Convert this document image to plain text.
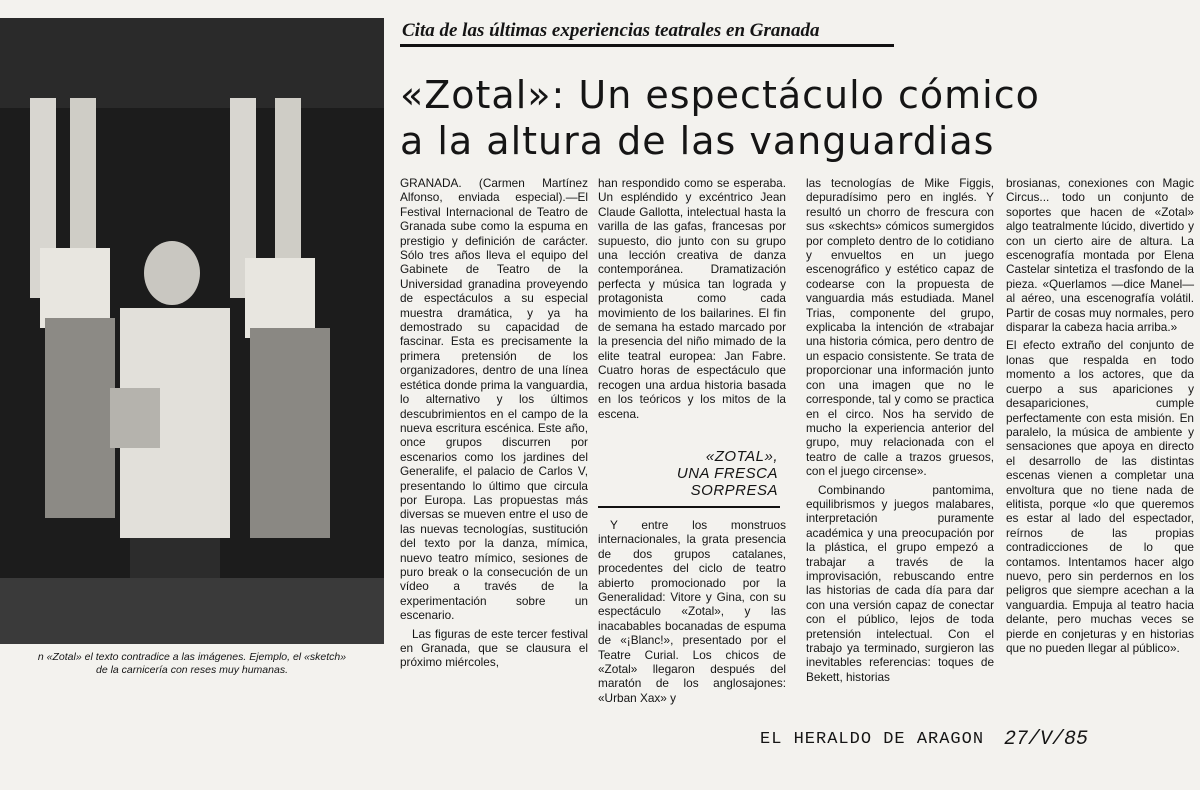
n «Zotal» el texto contradice a las imágenes. Ejemplo, el «sketch»
de la carnicería con reses muy humanas.
Cita de las últimas experiencias teatrales en Granada
«Zotal»: Un espectáculo cómico
a la altura de las vanguardias

GRANADA. (Carmen Martínez Alfonso, enviada especial).—El Festival Internacional de Teatro de Granada sube como la espuma en prestigio y definición de carácter. Sólo tres años lleva el equipo del Gabinete de Teatro de la Universidad granadina proveyendo de espectáculos a su especial muestra dramática, y ya ha demostrado su capacidad de fascinar. Esta es precisamente la primera pretensión de los organizadores, dentro de una línea estética donde prima la vanguardia, lo alternativo y los últimos descubrimientos en el campo de la nueva escritura escénica. Este año, once grupos discurren por escenarios como los jardines del Generalife, el palacio de Carlos V, presentando lo último que circula por Europa. Las propuestas más diversas se mueven entre el uso de las nuevas tecnologías, sustitución del texto por la danza, mímica, nuevo teatro mímico, sesiones de puro break o la consecución de un vídeo a través de la experimentación sobre un escenario.

Las figuras de este tercer festival en Granada, que se clausura el próximo miércoles,

han respondido como se esperaba. Un espléndido y excéntrico Jean Claude Gallotta, intelectual hasta la varilla de las gafas, francesas por supuesto, dio junto con su grupo una lección creativa de danza contemporánea. Dramatización perfecta y música tan lograda y protagonista como cada movimiento de los bailarines. El fin de semana ha estado marcado por la presencia del niño mimado de la elite teatral europea: Jan Fabre. Cuatro horas de espectáculo que recogen una ardua historia basada en los teóricos y los mitos de la escena.

«ZOTAL»,
UNA FRESCA
SORPRESA

Y entre los monstruos internacionales, la grata presencia de dos grupos catalanes, procedentes del ciclo de teatro abierto promocionado por la Generalidad: Vitore y Gina, con su espectáculo «Zotal», y las inacabables bocanadas de espuma de «¡Blanc!», presentado por el Teatre Curial. Los chicos de «Zotal» llegaron después del maratón de los anglosajones: «Urban Xax» y

las tecnologías de Mike Figgis, depuradísimo pero en inglés. Y resultó un chorro de frescura con sus «skechts» cómicos sumergidos por completo dentro de lo cotidiano y envueltos en un juego escenográfico y estético capaz de codearse con la propuesta de vanguardia más estudiada. Manel Trias, componente del grupo, explicaba la intención de «trabajar una historia cómica, pero dentro de un espacio consistente. Se trata de proporcionar una información junto con una imagen que no le corresponde, tal y como se practica en el circo. Nos ha servido de mucho la experiencia anterior del grupo, muy relacionada con el teatro de calle a trazos gruesos, con el juego circense».

Combinando pantomima, equilibrismos y juegos malabares, interpretación puramente académica y una preocupación por la plástica, el grupo empezó a trabajar a través de la improvisación, rebuscando entre las historias de cada día para dar con una versión capaz de conectar con el público, lejos de toda pretensión intelectual. Con el trabajo ya terminado, surgieron las inevitables referencias: toques de Bekett, historias

brosianas, conexiones con Magic Circus... todo un conjunto de soportes que hacen de «Zotal» algo teatralmente lúcido, divertido y con un cierto aire de altura. La escenografía montada por Elena Castelar sintetiza el trasfondo de la pieza. «Querlamos —dice Manel— al aéreo, una escenografía volátil. Partir de cosas muy normales, pero disparar la cabeza hacia arriba.»

El efecto extraño del conjunto de lonas que respalda en todo momento a los actores, que da cuerpo a sus apariciones y desapariciones, cumple perfectamente con esta misión. En paralelo, la música de ambiente y sensaciones que apoya en directo el desarrollo de las distintas escenas vienen a completar una envoltura que no tiene nada de elitista, porque «lo que queremos es estar al lado del espectador, reírnos de las propias contradicciones de lo que contamos. Intentamos hacer algo nuevo, pero sin perdernos en los peligros que siempre acechan a la vanguardia. Empuja al teatro hacia delante, pero muchas veces se pierde en conjeturas y en historias que no pueden llegar al público».

EL HERALDO DE ARAGON 27/V/85
